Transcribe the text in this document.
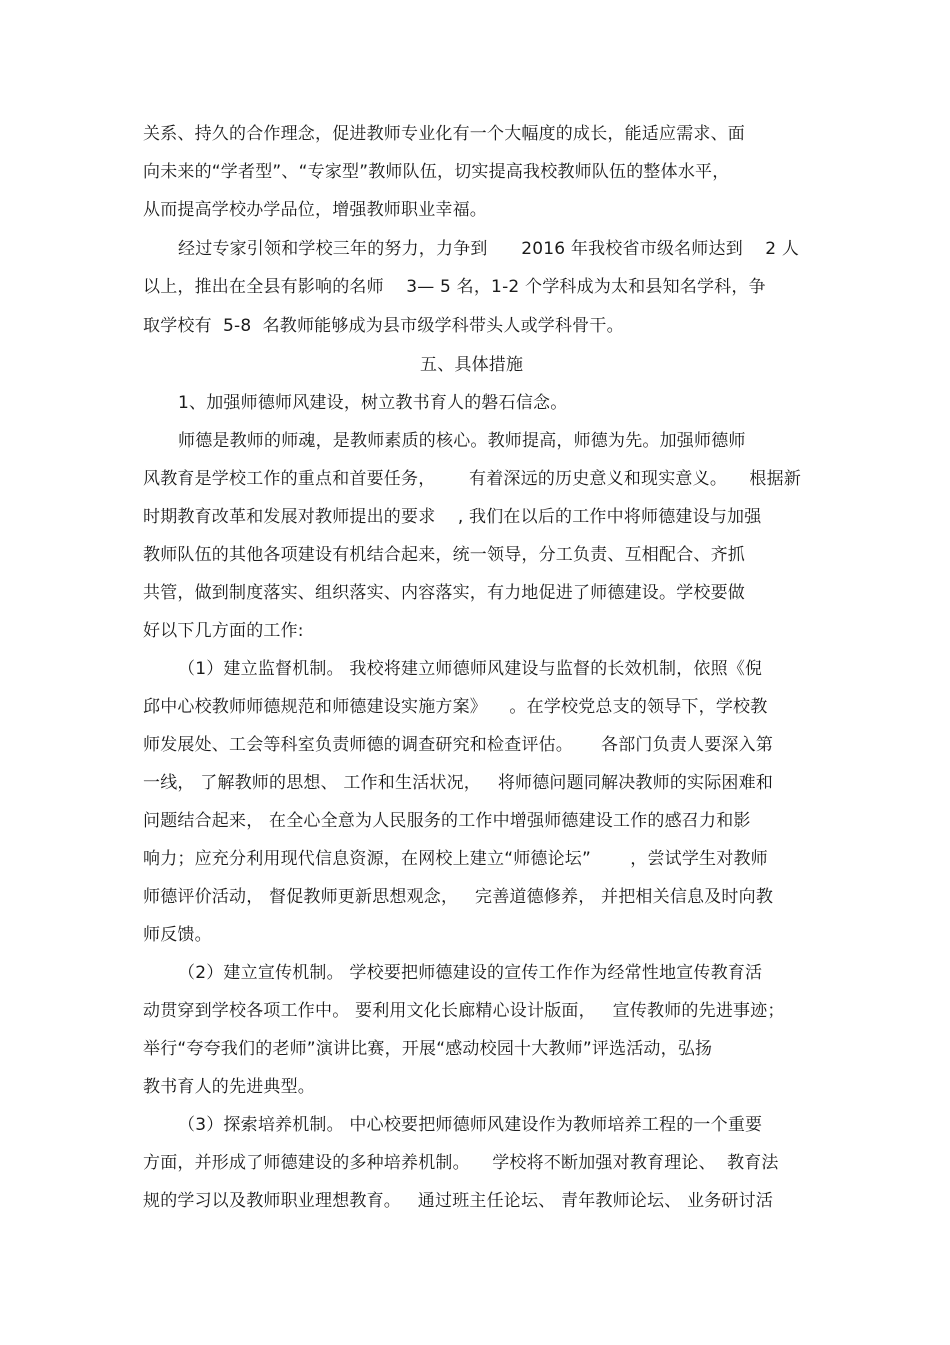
关系、持久的合作理念，促进教师专业化有一个大幅度的成长，能适应需求、面
向未来的“学者型”、“专家型”教师队伍，切实提高我校教师队伍的整体水平，
从而提高学校办学品位，增强教师职业幸福。
经过专家引领和学校三年的努力，力争到      2016 年我校省市级名师达到    2 人
以上，推出在全县有影响的名师    3— 5 名，1-2 个学科成为太和县知名学科，争
取学校有  5-8  名教师能够成为县市级学科带头人或学科骨干。
五、具体措施
1、加强师德师风建设，树立教书育人的磐石信念。
师德是教师的师魂，是教师素质的核心。教师提高，师德为先。加强师德师
风教育是学校工作的重点和首要任务，      有着深远的历史意义和现实意义。    根据新
时期教育改革和发展对教师提出的要求    , 我们在以后的工作中将师德建设与加强
教师队伍的其他各项建设有机结合起来，统一领导，分工负责、互相配合、齐抓
共管，做到制度落实、组织落实、内容落实，有力地促进了师德建设。学校要做
好以下几方面的工作:
（1）建立监督机制。 我校将建立师德师风建设与监督的长效机制，依照《倪
邱中心校教师师德规范和师德建设实施方案》    。在学校党总支的领导下，学校教
师发展处、工会等科室负责师德的调查研究和检查评估。     各部门负责人要深入第
一线， 了解教师的思想、 工作和生活状况，   将师德问题同解决教师的实际困难和
问题结合起来， 在全心全意为人民服务的工作中增强师德建设工作的感召力和影
响力；应充分利用现代信息资源，在网校上建立“师德论坛”       ，尝试学生对教师
师德评价活动， 督促教师更新思想观念，   完善道德修养， 并把相关信息及时向教
师反馈。
（2）建立宣传机制。 学校要把师德建设的宣传工作作为经常性地宣传教育活
动贯穿到学校各项工作中。 要利用文化长廊精心设计版面，   宣传教师的先进事迹；
举行“夸夸我们的老师”演讲比赛，开展“感动校园十大教师”评选活动，弘扬
教书育人的先进典型。
（3）探索培养机制。 中心校要把师德师风建设作为教师培养工程的一个重要
方面，并形成了师德建设的多种培养机制。    学校将不断加强对教育理论、  教育法
规的学习以及教师职业理想教育。   通过班主任论坛、 青年教师论坛、 业务研讨活
